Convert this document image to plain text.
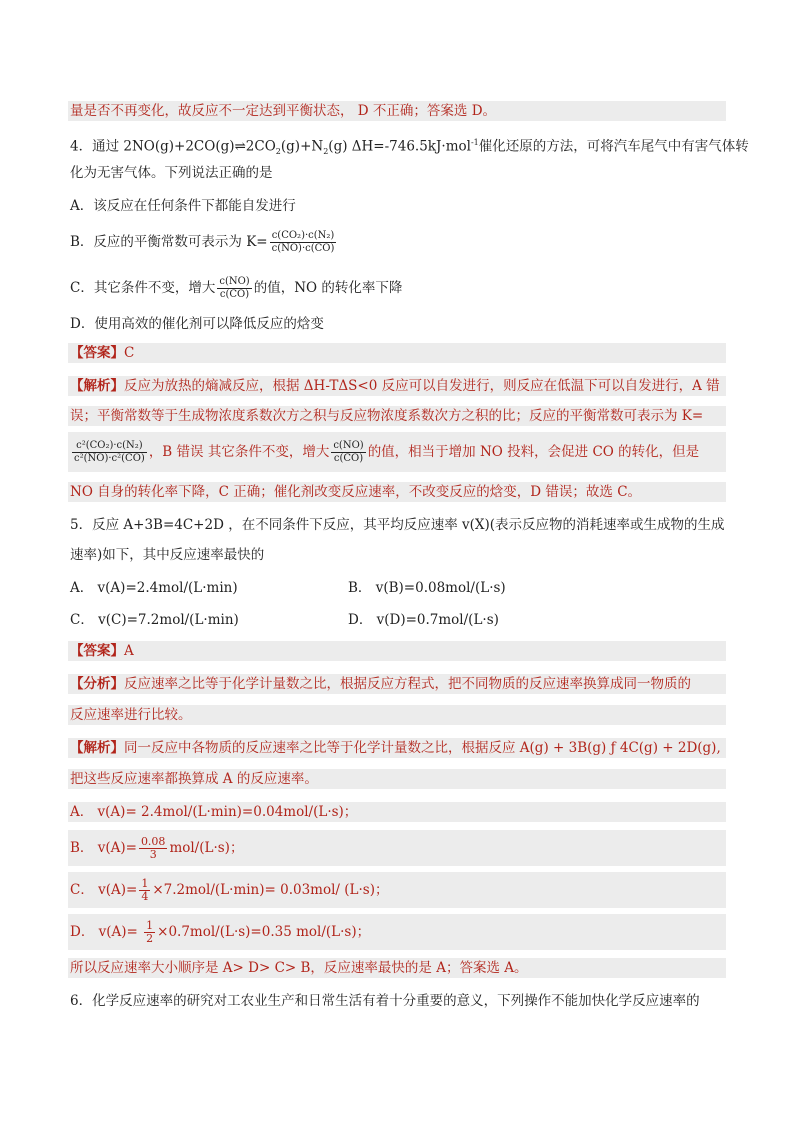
量是否不再变化，故反应不一定达到平衡状态， D 不正确；答案选 D。
4．通过 $2NO(g)+2CO(g)\rightleftharpoons 2CO_2(g)+N_2(g)$ ΔH=-746.5kJ·mol$^{-1}$催化还原的方法，可将汽车尾气中有害气体转
化为无害气体。下列说法正确的是
A．该反应在任何条件下都能自发进行
B．反应的平衡常数可表示为 $K= \frac{\text{c(CO₂)·c(N₂)}}{c(NO)\cdot c(CO)}$
C．其它条件不变，增大 $\frac{c(NO)}{c(CO)}$ 的值，NO 的转化率下降
D．使用高效的催化剂可以降低反应的焓变
【答案】C
【解析】反应为放热的熵减反应，根据 ΔH-TΔS<0 反应可以自发进行，则反应在低温下可以自发进行，A 错
误；平衡常数等于生成物浓度系数次方之积与反应物浓度系数次方之积的比；反应的平衡常数可表示为 K=
$\frac{\text{c²(CO₂)·c(N₂)}}{\text{c²(NO)·c²(CO)}}$ ，B 错误 其它条件不变，增大 $\frac{c(NO)}{c(CO)}$ 的值，相当于增加 NO 投料，会促进 CO 的转化，但是
NO 自身的转化率下降，C 正确；催化剂改变反应速率，不改变反应的焓变，D 错误；故选 C。
5．反应 A+3B=4C+2D ，在不同条件下反应，其平均反应速率 v(X)(表示反应物的消耗速率或生成物的生成
速率)如下，其中反应速率最快的
A． v(A)=2.4mol/(L·min)	B． v(B)=0.08mol/(L·s)
C． v(C)=7.2mol/(L·min)	D． v(D)=0.7mol/(L·s)
【答案】A
【分析】反应速率之比等于化学计量数之比，根据反应方程式，把不同物质的反应速率换算成同一物质的
反应速率进行比较。
【解析】同一反应中各物质的反应速率之比等于化学计量数之比，根据反应 A(g) + 3B(g) ƒ 4C(g) + 2D(g),
把这些反应速率都换算成 A 的反应速率。
A． v(A)= 2.4mol/(L·min)=0.04mol/(L·s)；
B． $v(A)= \frac{0.08}{3} mol/(L\cdot s)$；
C． $v(A)= \frac{1}{4} \times 7.2mol/(L\cdot\min)= 0.03mol/$ (L·s)；
D． $v(A)= \frac{1}{2} \times 0.7mol/(L\cdot s)=0.35$ mol/(L·s)；
所以反应速率大小顺序是 A> D> C> B，反应速率最快的是 A；答案选 A。
6．化学反应速率的研究对工农业生产和日常生活有着十分重要的意义，下列操作不能加快化学反应速率的
